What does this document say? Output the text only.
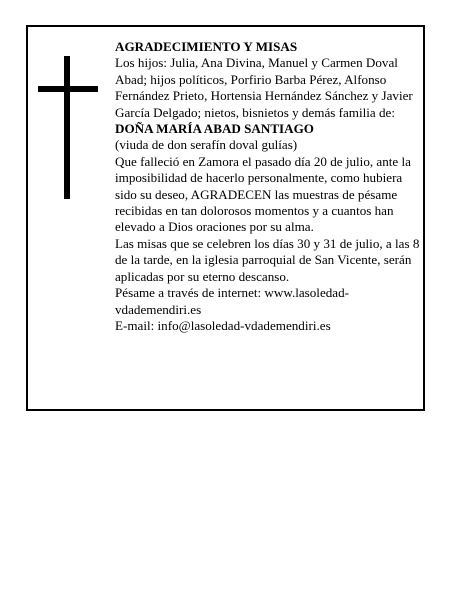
AGRADECIMIENTO Y MISAS

Los hijos: Julia, Ana Divina, Manuel y Carmen Doval Abad; hijos políticos, Porfirio Barba Pérez, Alfonso Fernández Prieto, Hortensia Hernández Sánchez y Javier García Delgado; nietos, bisnietos y demás familia de:

DOÑA MARÍA ABAD SANTIAGO

(viuda de don serafín doval gulías)

Que falleció en Zamora el pasado día 20 de julio, ante la imposibilidad de hacerlo personalmente, como hubiera sido su deseo, AGRADECEN las muestras de pésame recibidas en tan dolorosos momentos y a cuantos han elevado a Dios oraciones por su alma.

Las misas que se celebren los días 30 y 31 de julio, a las 8 de la tarde, en la iglesia parroquial de San Vicente, serán aplicadas por su eterno descanso.

Pésame a través de internet: www.lasoledad-vdademendiri.es

E-mail: info@lasoledad-vdademendiri.es
